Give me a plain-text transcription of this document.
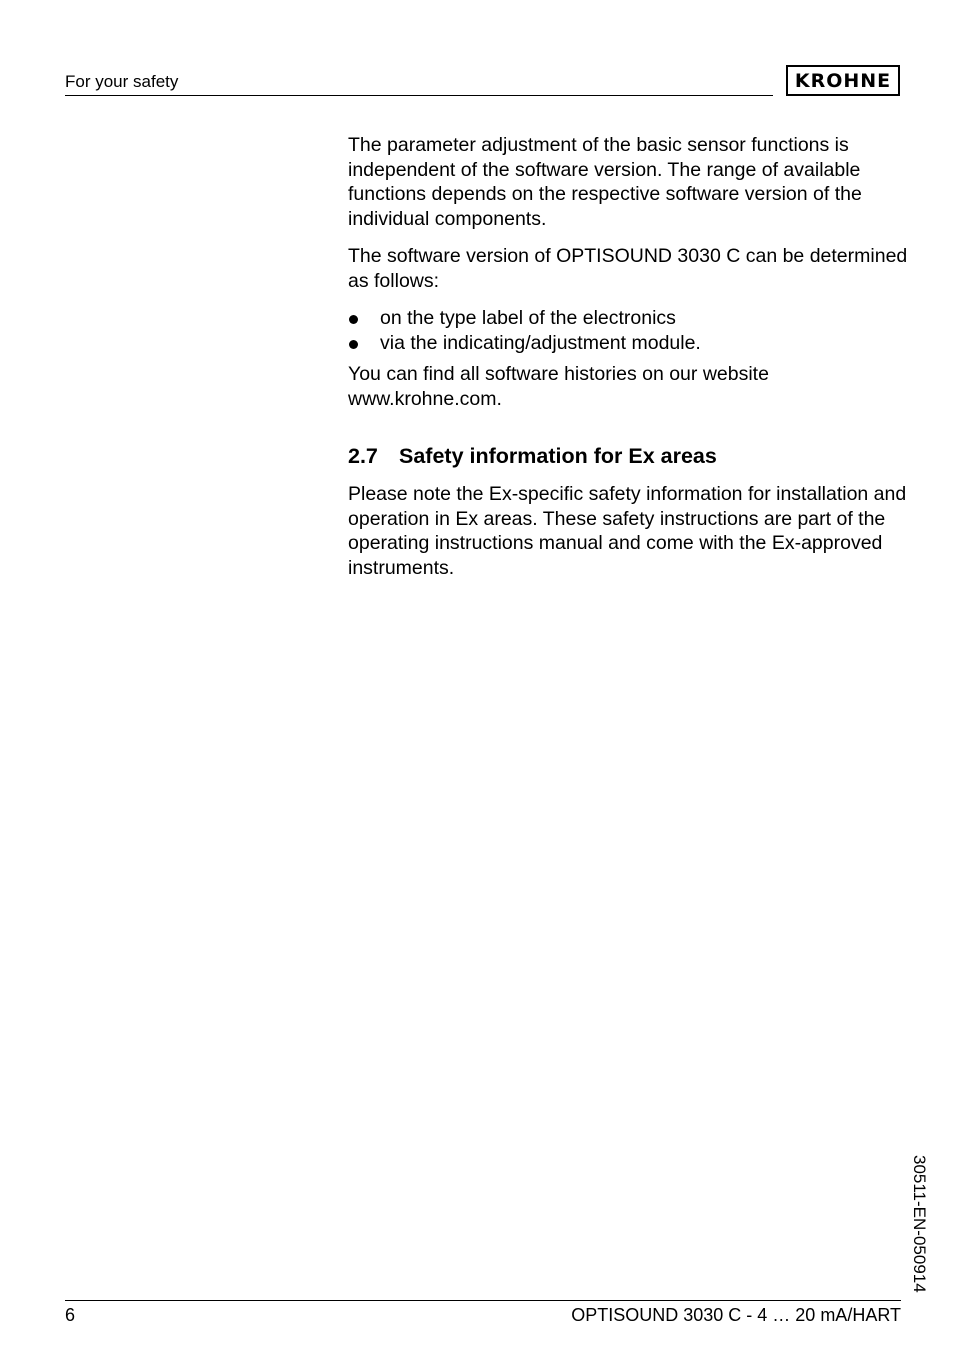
For your safety	KROHNE

The parameter adjustment of the basic sensor functions is independent of the software version. The range of available functions depends on the respective software version of the individual components.

The software version of OPTISOUND 3030 C can be determined as follows:

on the type label of the electronics
via the indicating/adjustment module.

You can find all software histories on our website www.krohne.com.

2.7 Safety information for Ex areas

Please note the Ex-specific safety information for installation and operation in Ex areas. These safety instructions are part of the operating instructions manual and come with the Ex-approved instruments.

30511-EN-050914
6	OPTISOUND 3030 C - 4 … 20 mA/HART
